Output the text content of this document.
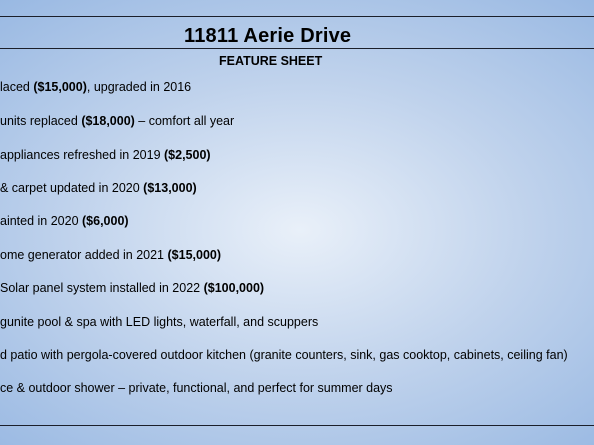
11811 Aerie Drive
FEATURE SHEET
laced ($15,000), upgraded in 2016
units replaced ($18,000) – comfort all year
appliances refreshed in 2019 ($2,500)
& carpet updated in 2020 ($13,000)
ainted in 2020 ($6,000)
ome generator added in 2021 ($15,000)
Solar panel system installed in 2022 ($100,000)
gunite pool & spa with LED lights, waterfall, and scuppers
d patio with pergola-covered outdoor kitchen (granite counters, sink, gas cooktop, cabinets, ceiling fan)
ce & outdoor shower – private, functional, and perfect for summer days
